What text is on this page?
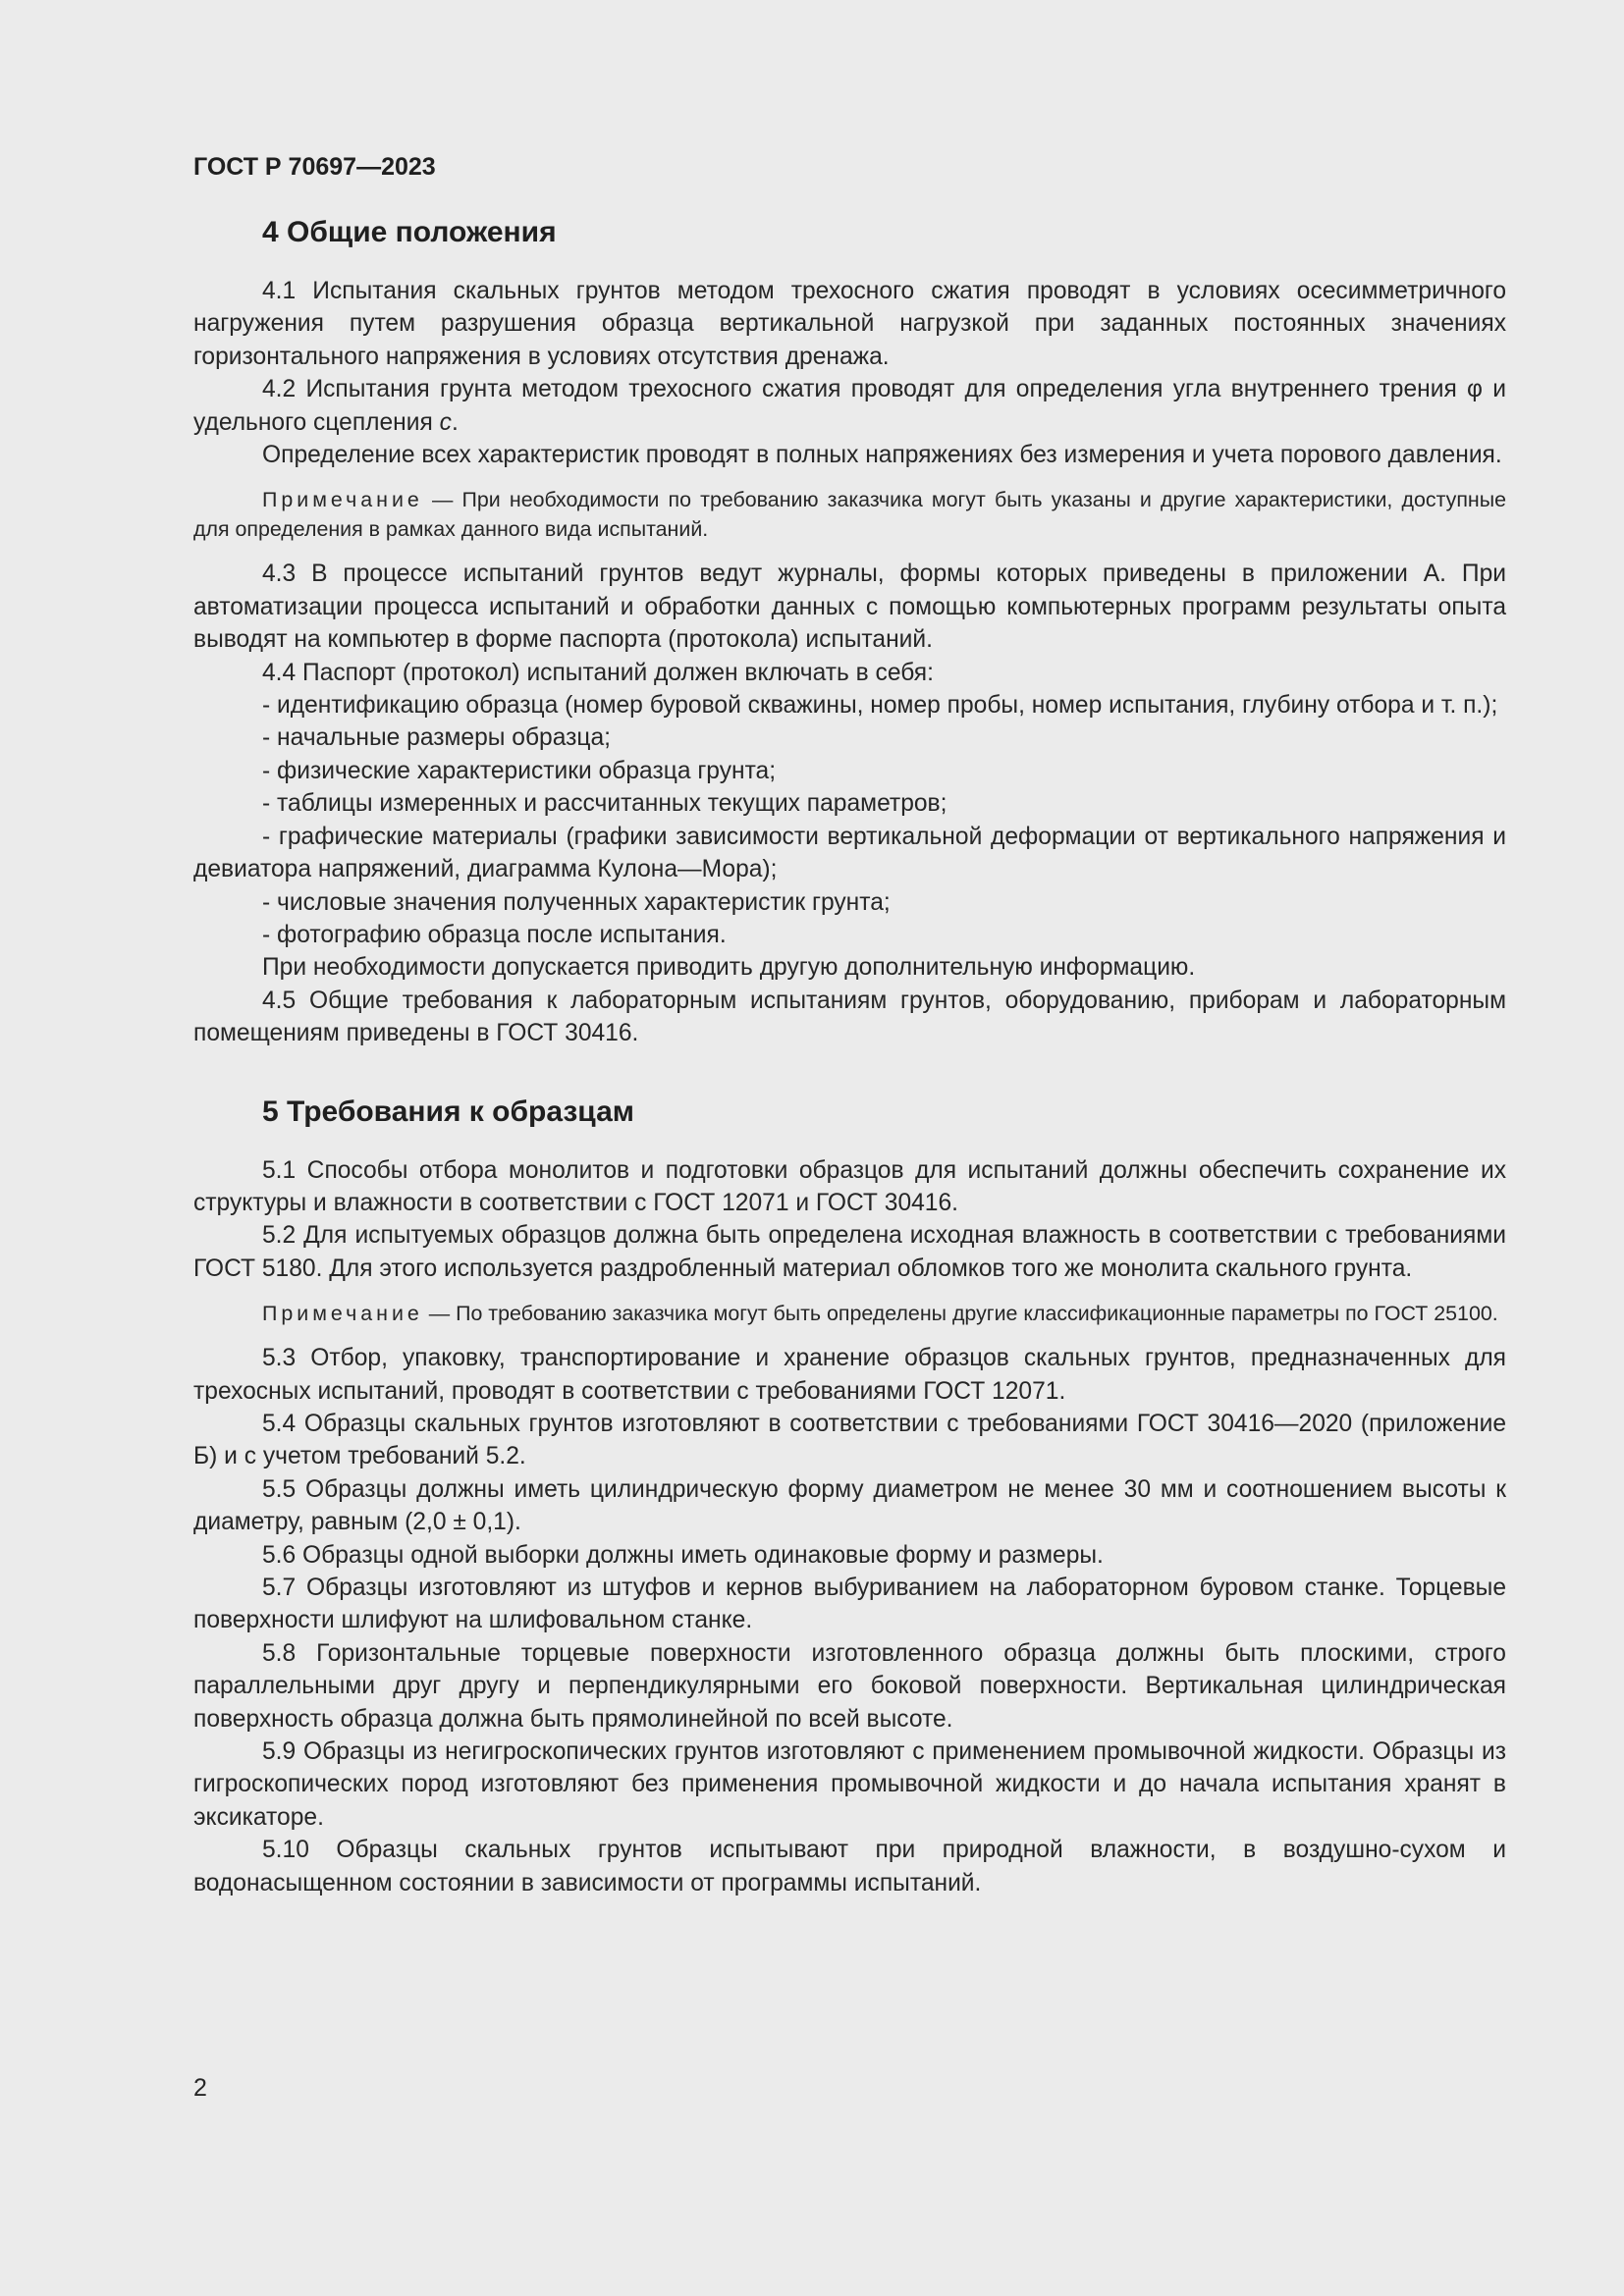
ГОСТ Р 70697—2023
4 Общие положения

4.1 Испытания скальных грунтов методом трехосного сжатия проводят в условиях осесимметричного нагружения путем разрушения образца вертикальной нагрузкой при заданных постоянных значениях горизонтального напряжения в условиях отсутствия дренажа.

4.2 Испытания грунта методом трехосного сжатия проводят для определения угла внутреннего трения φ и удельного сцепления c.

Определение всех характеристик проводят в полных напряжениях без измерения и учета порового давления.

Примечание — При необходимости по требованию заказчика могут быть указаны и другие характеристики, доступные для определения в рамках данного вида испытаний.

4.3 В процессе испытаний грунтов ведут журналы, формы которых приведены в приложении А. При автоматизации процесса испытаний и обработки данных с помощью компьютерных программ результаты опыта выводят на компьютер в форме паспорта (протокола) испытаний.

4.4 Паспорт (протокол) испытаний должен включать в себя:

- идентификацию образца (номер буровой скважины, номер пробы, номер испытания, глубину отбора и т. п.);

- начальные размеры образца;

- физические характеристики образца грунта;

- таблицы измеренных и рассчитанных текущих параметров;

- графические материалы (графики зависимости вертикальной деформации от вертикального напряжения и девиатора напряжений, диаграмма Кулона—Мора);

- числовые значения полученных характеристик грунта;

- фотографию образца после испытания.

При необходимости допускается приводить другую дополнительную информацию.

4.5 Общие требования к лабораторным испытаниям грунтов, оборудованию, приборам и лабораторным помещениям приведены в ГОСТ 30416.

5 Требования к образцам

5.1 Способы отбора монолитов и подготовки образцов для испытаний должны обеспечить сохранение их структуры и влажности в соответствии с ГОСТ 12071 и ГОСТ 30416.

5.2 Для испытуемых образцов должна быть определена исходная влажность в соответствии с требованиями ГОСТ 5180. Для этого используется раздробленный материал обломков того же монолита скального грунта.

Примечание — По требованию заказчика могут быть определены другие классификационные параметры по ГОСТ 25100.

5.3 Отбор, упаковку, транспортирование и хранение образцов скальных грунтов, предназначенных для трехосных испытаний, проводят в соответствии с требованиями ГОСТ 12071.

5.4 Образцы скальных грунтов изготовляют в соответствии с требованиями ГОСТ 30416—2020 (приложение Б) и с учетом требований 5.2.

5.5 Образцы должны иметь цилиндрическую форму диаметром не менее 30 мм и соотношением высоты к диаметру, равным (2,0 ± 0,1).

5.6 Образцы одной выборки должны иметь одинаковые форму и размеры.

5.7 Образцы изготовляют из штуфов и кернов выбуриванием на лабораторном буровом станке. Торцевые поверхности шлифуют на шлифовальном станке.

5.8 Горизонтальные торцевые поверхности изготовленного образца должны быть плоскими, строго параллельными друг другу и перпендикулярными его боковой поверхности. Вертикальная цилиндрическая поверхность образца должна быть прямолинейной по всей высоте.

5.9 Образцы из негигроскопических грунтов изготовляют с применением промывочной жидкости. Образцы из гигроскопических пород изготовляют без применения промывочной жидкости и до начала испытания хранят в эксикаторе.

5.10 Образцы скальных грунтов испытывают при природной влажности, в воздушно-сухом и водонасыщенном состоянии в зависимости от программы испытаний.

2
